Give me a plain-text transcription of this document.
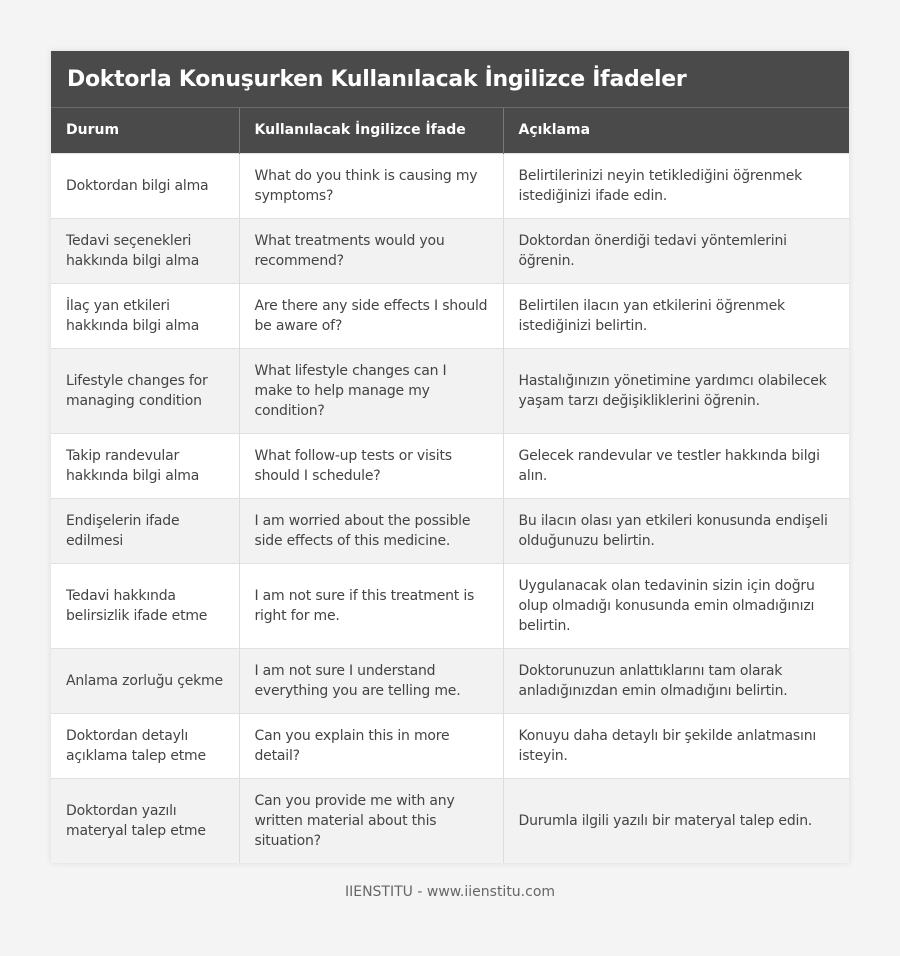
Doktorla Konuşurken Kullanılacak İngilizce İfadeler
Durum	Kullanılacak İngilizce İfade	Açıklama
Doktordan bilgi alma	What do you think is causing my symptoms?	Belirtilerinizi neyin tetiklediğini öğrenmek istediğinizi ifade edin.
Tedavi seçenekleri hakkında bilgi alma	What treatments would you recommend?	Doktordan önerdiği tedavi yöntemlerini öğrenin.
İlaç yan etkileri hakkında bilgi alma	Are there any side effects I should be aware of?	Belirtilen ilacın yan etkilerini öğrenmek istediğinizi belirtin.
Lifestyle changes for managing condition	What lifestyle changes can I make to help manage my condition?	Hastalığınızın yönetimine yardımcı olabilecek yaşam tarzı değişikliklerini öğrenin.
Takip randevular hakkında bilgi alma	What follow-up tests or visits should I schedule?	Gelecek randevular ve testler hakkında bilgi alın.
Endişelerin ifade edilmesi	I am worried about the possible side effects of this medicine.	Bu ilacın olası yan etkileri konusunda endişeli olduğunuzu belirtin.
Tedavi hakkında belirsizlik ifade etme	I am not sure if this treatment is right for me.	Uygulanacak olan tedavinin sizin için doğru olup olmadığı konusunda emin olmadığınızı belirtin.
Anlama zorluğu çekme	I am not sure I understand everything you are telling me.	Doktorunuzun anlattıklarını tam olarak anladığınızdan emin olmadığını belirtin.
Doktordan detaylı açıklama talep etme	Can you explain this in more detail?	Konuyu daha detaylı bir şekilde anlatmasını isteyin.
Doktordan yazılı materyal talep etme	Can you provide me with any written material about this situation?	Durumla ilgili yazılı bir materyal talep edin.
IIENSTITU - www.iienstitu.com
